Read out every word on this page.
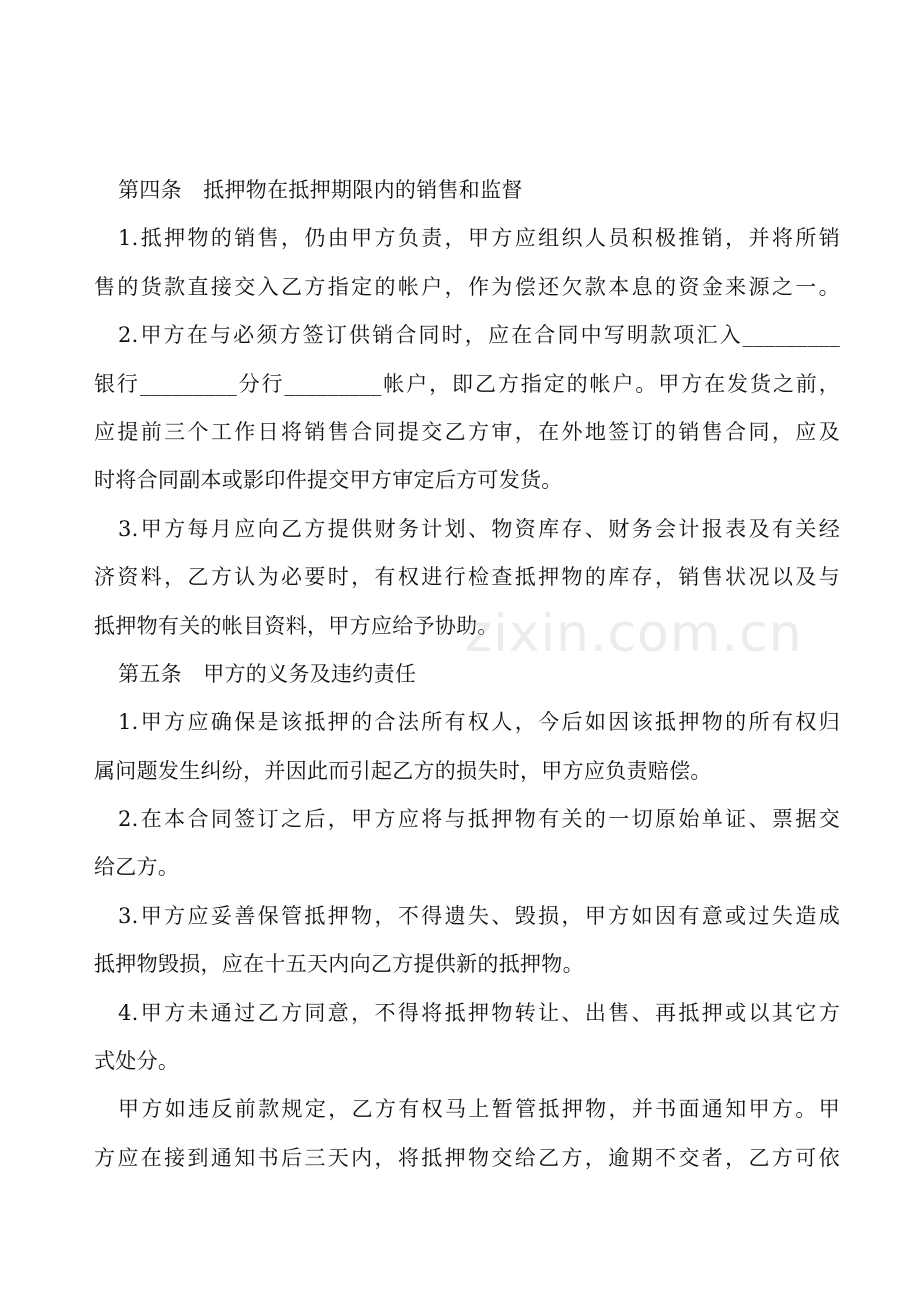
第四条　抵押物在抵押期限内的销售和监督
1.抵押物的销售，仍由甲方负责，甲方应组织人员积极推销，并将所销
售的货款直接交入乙方指定的帐户，作为偿还欠款本息的资金来源之一。
2.甲方在与必须方签订供销合同时，应在合同中写明款项汇入_________
银行_________分行_________帐户，即乙方指定的帐户。甲方在发货之前，
应提前三个工作日将销售合同提交乙方审，在外地签订的销售合同，应及
时将合同副本或影印件提交甲方审定后方可发货。
3.甲方每月应向乙方提供财务计划、物资库存、财务会计报表及有关经
济资料，乙方认为必要时，有权进行检查抵押物的库存，销售状况以及与
抵押物有关的帐目资料，甲方应给予协助。
第五条　甲方的义务及违约责任
1.甲方应确保是该抵押的合法所有权人，今后如因该抵押物的所有权归
属问题发生纠纷，并因此而引起乙方的损失时，甲方应负责赔偿。
2.在本合同签订之后，甲方应将与抵押物有关的一切原始单证、票据交
给乙方。
3.甲方应妥善保管抵押物，不得遗失、毁损，甲方如因有意或过失造成
抵押物毁损，应在十五天内向乙方提供新的抵押物。
4.甲方未通过乙方同意，不得将抵押物转让、出售、再抵押或以其它方
式处分。
甲方如违反前款规定，乙方有权马上暂管抵押物，并书面通知甲方。甲
方应在接到通知书后三天内，将抵押物交给乙方，逾期不交者，乙方可依
zixin.com.cn
